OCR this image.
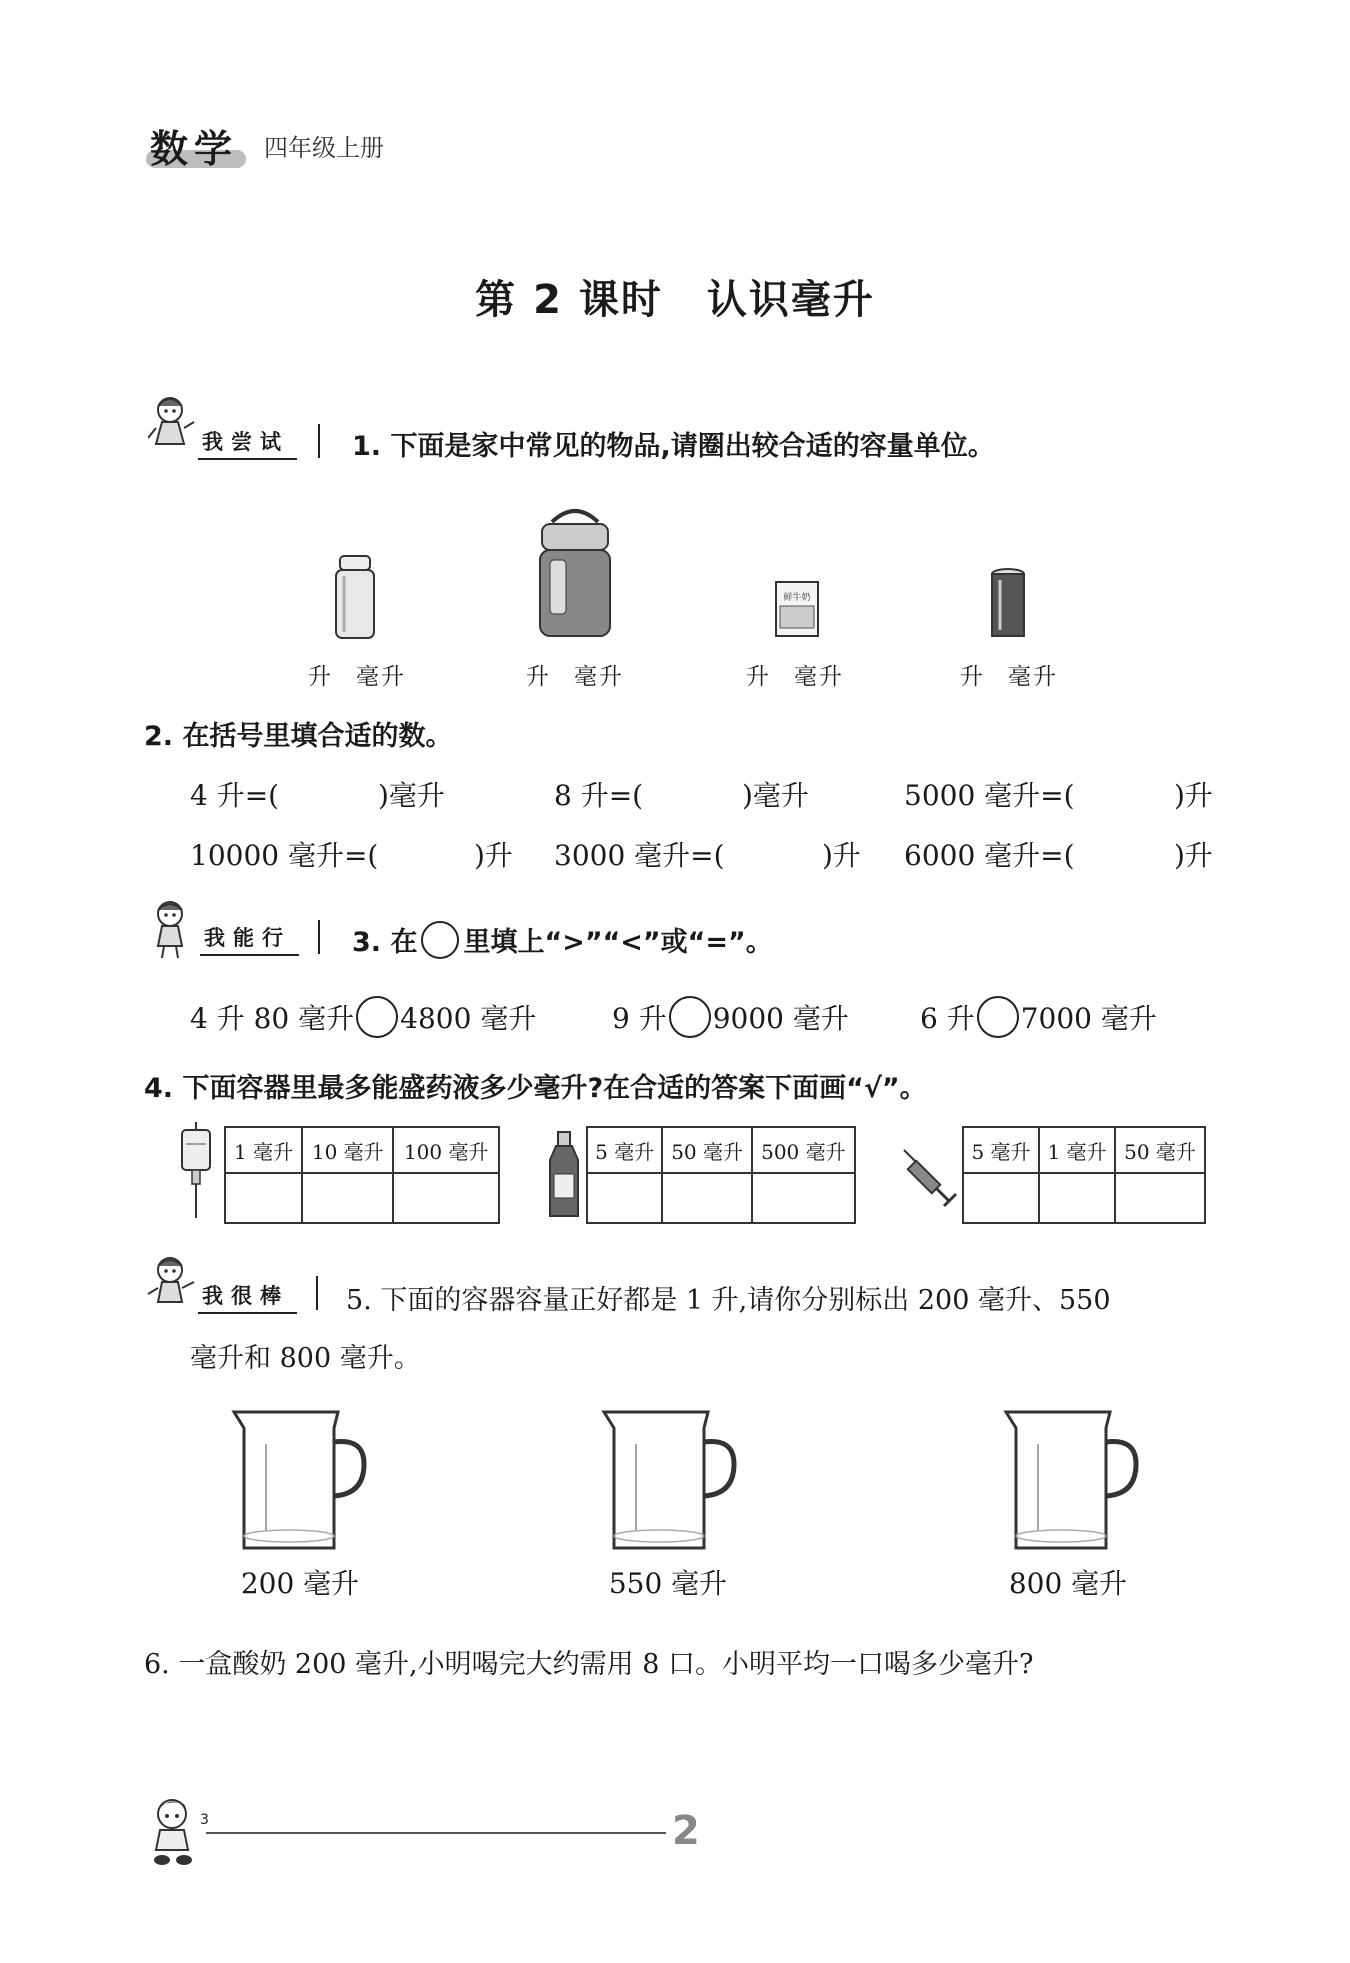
数学 四年级上册
第 2 课时 认识毫升
我尝试 1. 下面是家中常见的物品,请圈出较合适的容量单位。
鲜牛奶
升 毫升	升 毫升	升 毫升	升 毫升
2. 在括号里填合适的数。
4 升=(	)毫升	8 升=(	)毫升	5000 毫升=(	)升
10000 毫升=(	)升 3000 毫升=(	)升 6000 毫升=(	)升
我能行 3. 在 里填上“>”“<”或“=”。
4 升 80 毫升 4800 毫升	9 升 9000 毫升	6 升 7000 毫升
4. 下面容器里最多能盛药液多少毫升?在合适的答案下面画“√”。
1 毫升	10 毫升	100 毫升
			5 毫升	50 毫升	500 毫升
			5 毫升	1 毫升	50 毫升

我很棒 5. 下面的容器容量正好都是 1 升,请你分别标出 200 毫升、550
毫升和 800 毫升。
200 毫升	550 毫升	800 毫升
6. 一盒酸奶 200 毫升,小明喝完大约需用 8 口。小明平均一口喝多少毫升?
3	2
